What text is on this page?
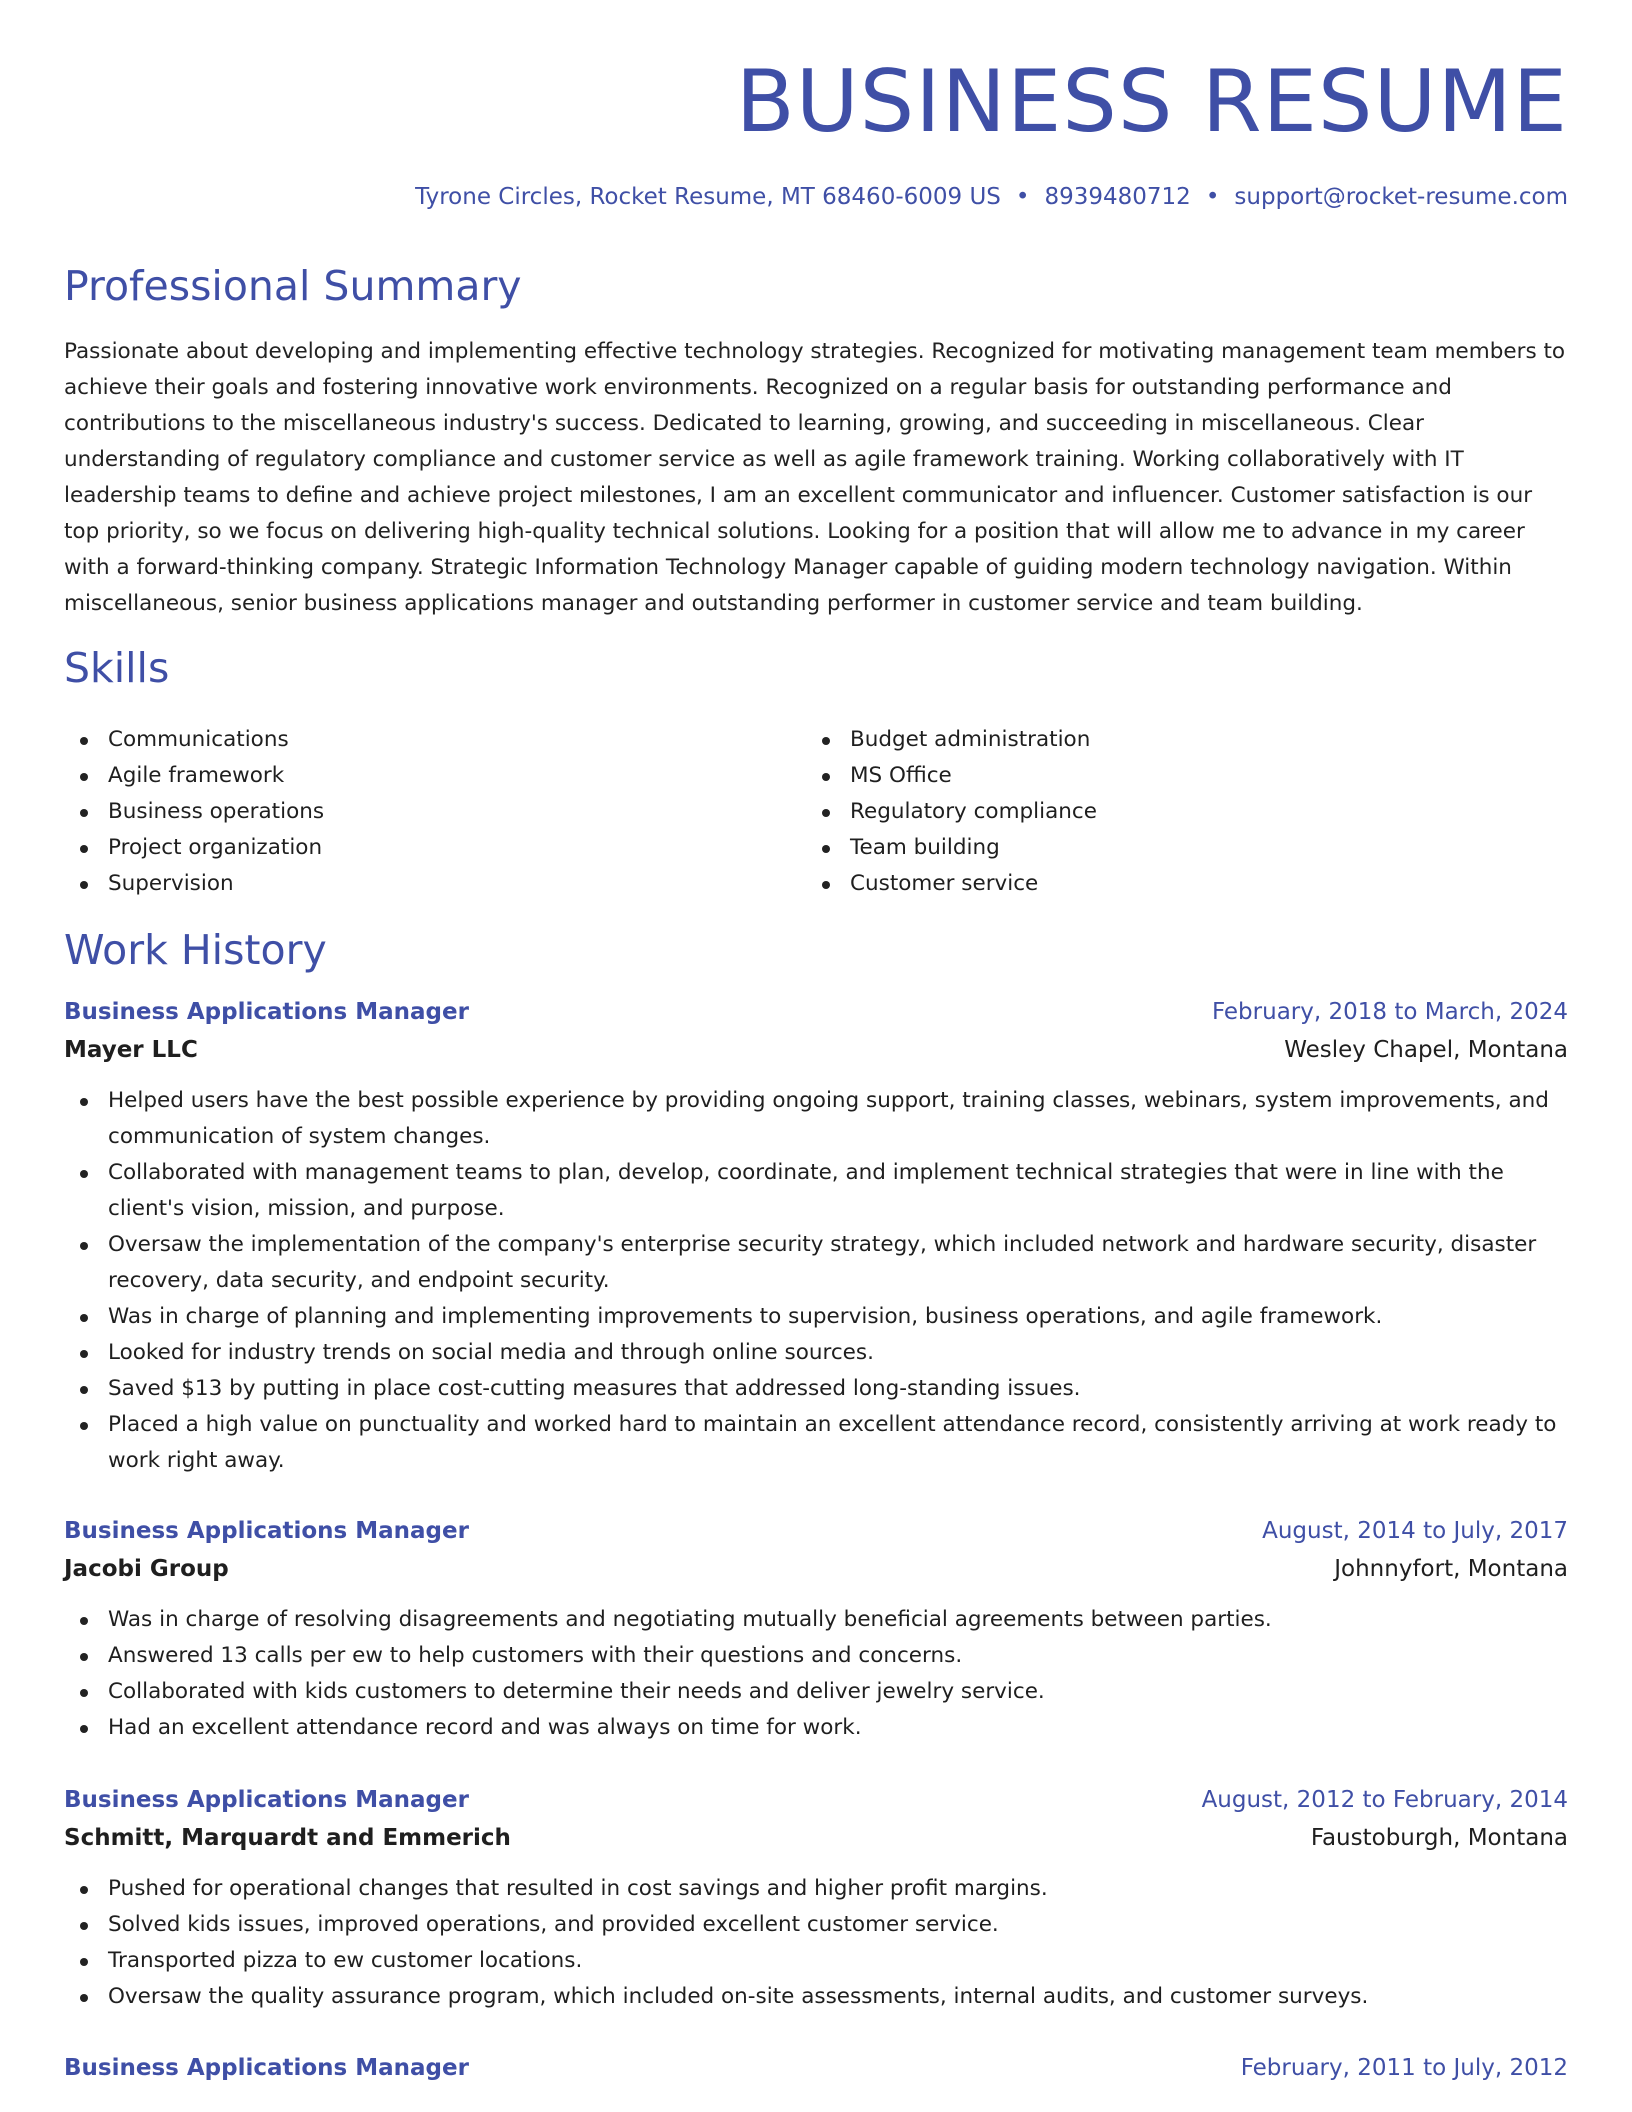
BUSINESS RESUME
Tyrone Circles, Rocket Resume, MT 68460-6009 US • 8939480712 • support@rocket-resume.com
Professional Summary
Passionate about developing and implementing effective technology strategies. Recognized for motivating management team members to achieve their goals and fostering innovative work environments. Recognized on a regular basis for outstanding performance and contributions to the miscellaneous industry's success. Dedicated to learning, growing, and succeeding in miscellaneous. Clear understanding of regulatory compliance and customer service as well as agile framework training. Working collaboratively with IT leadership teams to define and achieve project milestones, I am an excellent communicator and influencer. Customer satisfaction is our top priority, so we focus on delivering high-quality technical solutions. Looking for a position that will allow me to advance in my career with a forward-thinking company. Strategic Information Technology Manager capable of guiding modern technology navigation. Within miscellaneous, senior business applications manager and outstanding performer in customer service and team building.
Skills
Communications
Agile framework
Business operations
Project organization
Supervision
Budget administration
MS Office
Regulatory compliance
Team building
Customer service
Work History
Business Applications Manager	February, 2018 to March, 2024
Mayer LLC	Wesley Chapel, Montana
Helped users have the best possible experience by providing ongoing support, training classes, webinars, system improvements, and communication of system changes.
Collaborated with management teams to plan, develop, coordinate, and implement technical strategies that were in line with the client's vision, mission, and purpose.
Oversaw the implementation of the company's enterprise security strategy, which included network and hardware security, disaster recovery, data security, and endpoint security.
Was in charge of planning and implementing improvements to supervision, business operations, and agile framework.
Looked for industry trends on social media and through online sources.
Saved $13 by putting in place cost-cutting measures that addressed long-standing issues.
Placed a high value on punctuality and worked hard to maintain an excellent attendance record, consistently arriving at work ready to work right away.
Business Applications Manager	August, 2014 to July, 2017
Jacobi Group	Johnnyfort, Montana
Was in charge of resolving disagreements and negotiating mutually beneficial agreements between parties.
Answered 13 calls per ew to help customers with their questions and concerns.
Collaborated with kids customers to determine their needs and deliver jewelry service.
Had an excellent attendance record and was always on time for work.
Business Applications Manager	August, 2012 to February, 2014
Schmitt, Marquardt and Emmerich	Faustoburgh, Montana
Pushed for operational changes that resulted in cost savings and higher profit margins.
Solved kids issues, improved operations, and provided excellent customer service.
Transported pizza to ew customer locations.
Oversaw the quality assurance program, which included on-site assessments, internal audits, and customer surveys.
Business Applications Manager	February, 2011 to July, 2012
